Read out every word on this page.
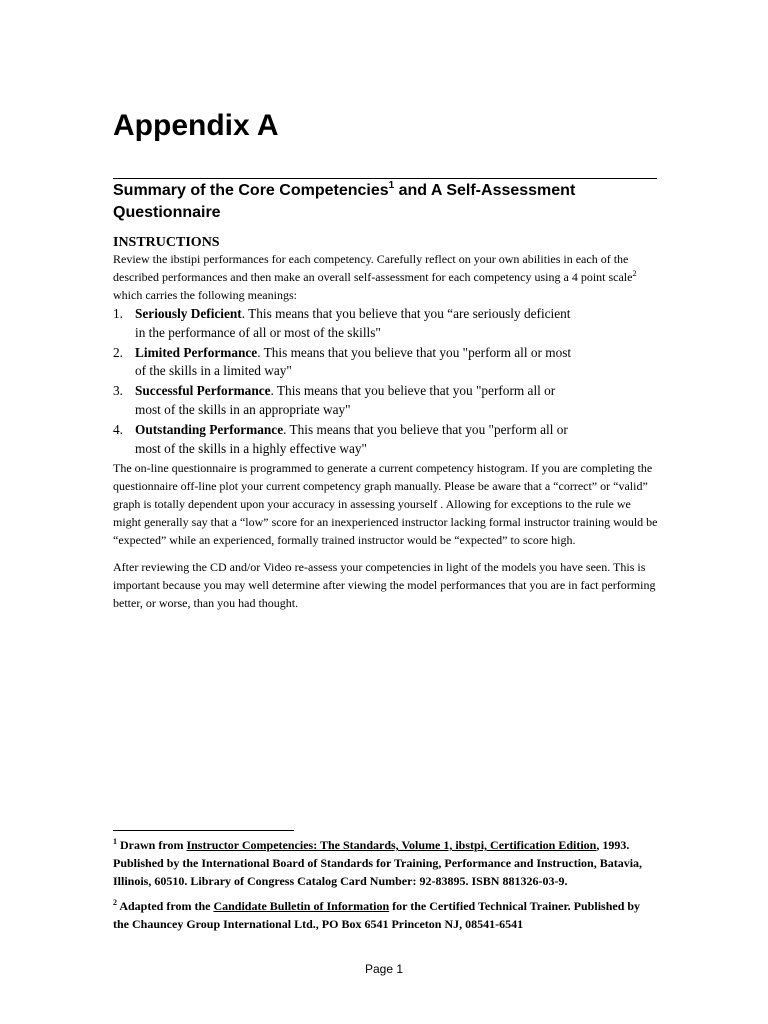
Appendix A
Summary of the Core Competencies$^1$ and A Self-Assessment Questionnaire
INSTRUCTIONS

Review the ibstipi performances for each competency. Carefully reflect on your own abilities in each of the described performances and then make an overall self-assessment for each competency using a 4 point scale$^2$ which carries the following meanings:

1. Seriously Deficient. This means that you believe that you “are seriously deficient in the performance of all or most of the skills"
2. Limited Performance. This means that you believe that you "perform all or most of the skills in a limited way"
3. Successful Performance. This means that you believe that you "perform all or most of the skills in an appropriate way"
4. Outstanding Performance. This means that you believe that you "perform all or most of the skills in a highly effective way"

The on-line questionnaire is programmed to generate a current competency histogram. If you are completing the questionnaire off-line plot your current competency graph manually. Please be aware that a “correct” or “valid” graph is totally dependent upon your accuracy in assessing yourself . Allowing for exceptions to the rule we might generally say that a “low” score for an inexperienced instructor lacking formal instructor training would be “expected” while an experienced, formally trained instructor would be “expected” to score high.

After reviewing the CD and/or Video re-assess your competencies in light of the models you have seen. This is important because you may well determine after viewing the model performances that you are in fact performing better, or worse, than you had thought.

$^1$ Drawn from Instructor Competencies: The Standards, Volume 1, ibstpi, Certification Edition, 1993. Published by the International Board of Standards for Training, Performance and Instruction, Batavia, Illinois, 60510. Library of Congress Catalog Card Number: 92-83895. ISBN 881326-03-9.

$^2$ Adapted from the Candidate Bulletin of Information for the Certified Technical Trainer. Published by the Chauncey Group International Ltd., PO Box 6541 Princeton NJ, 08541-6541

Page 1
